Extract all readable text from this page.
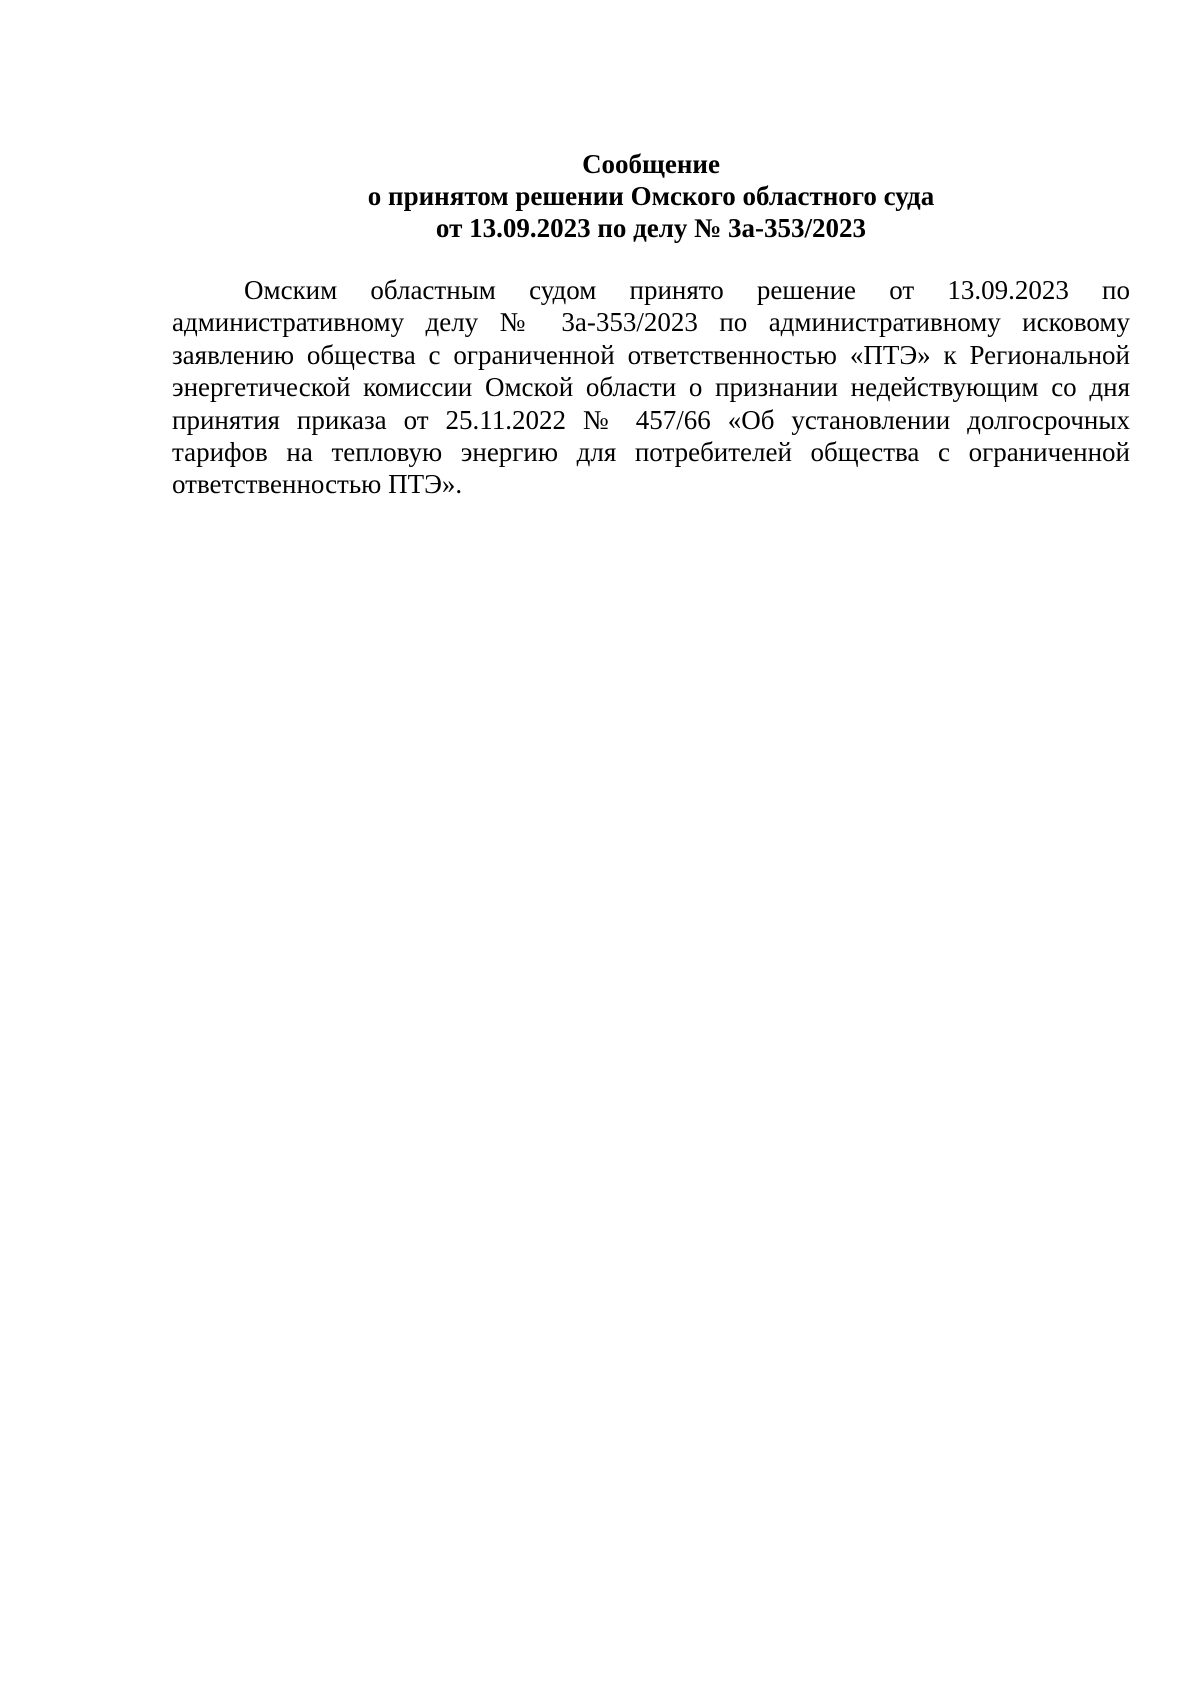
Сообщение
о принятом решении Омского областного суда
от 13.09.2023 по делу № 3а-353/2023

Омским областным судом принято решение от 13.09.2023 по административному делу № 3а-353/2023 по административному исковому заявлению общества с ограниченной ответственностью «ПТЭ» к Региональной энергетической комиссии Омской области о признании недействующим со дня принятия приказа от 25.11.2022 № 457/66 «Об установлении долгосрочных тарифов на тепловую энергию для потребителей общества с ограниченной ответственностью ПТЭ».
